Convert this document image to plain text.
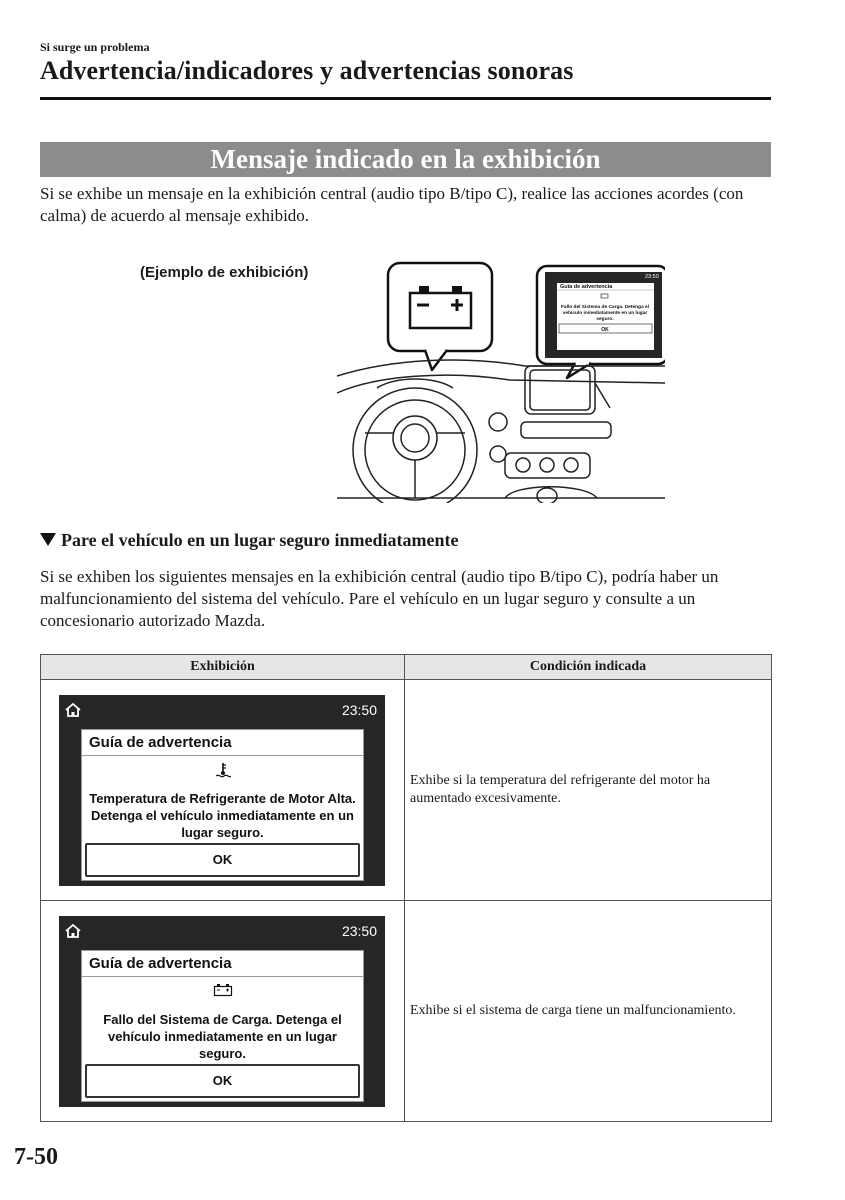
Si surge un problema
Advertencia/indicadores y advertencias sonoras
Mensaje indicado en la exhibición
Si se exhibe un mensaje en la exhibición central (audio tipo B/tipo C), realice las acciones acordes (con calma) de acuerdo al mensaje exhibido.
(Ejemplo de exhibición)
Guía de advertencia
23:50
Fallo del Sistema de Carga. Detenga el
vehículo inmediatamente en un lugar
seguro.
OK
Pare el vehículo en un lugar seguro inmediatamente
Si se exhiben los siguientes mensajes en la exhibición central (audio tipo B/tipo C), podría haber un malfuncionamiento del sistema del vehículo. Pare el vehículo en un lugar seguro y consulte a un concesionario autorizado Mazda.
Exhibición	Condición indicada

23:50
Guía de advertencia
Temperatura de Refrigerante de Motor Alta. Detenga el vehículo inmediatamente en un lugar seguro.
OK	Exhibe si la temperatura del refrigerante del motor ha aumentado excesivamente.

23:50
Guía de advertencia
Fallo del Sistema de Carga. Detenga el vehículo inmediatamente en un lugar seguro.
OK	Exhibe si el sistema de carga tiene un malfuncionamiento.
7-50
